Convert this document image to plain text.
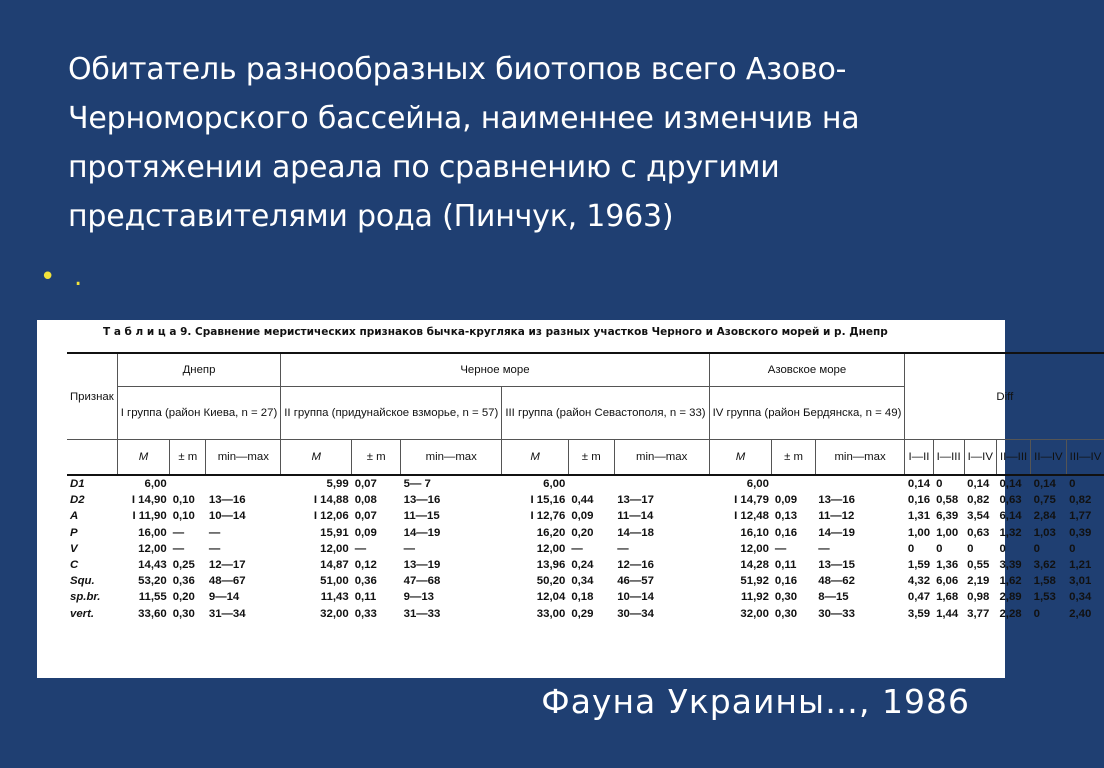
Обитатель разнообразных биотопов всего Азово-Черноморского бассейна, наименнее изменчив на протяжении ареала по сравнению с другими представителями рода (Пинчук, 1963)
• .
Т а б л и ц а 9. Сравнение меристических признаков бычка-кругляка из разных участков Черного и Азовского морей и р. Днепр
Признак	Днепр			Черное море						Азовское море			Diff					
	I группа (район Киева, n = 27)			II группа (придунайское взморье, n = 57)			III группа (район Севастополя, n = 33)			IV группа (район Бердянска, n = 49)								
	M	± m	min—max	M	± m	min—max	M	± m	min—max	M	± m	min—max	I—II	I—III	I—IV	II—III	II—IV	III—IV
D1	6,00			5,99	0,07	5— 7	6,00			6,00			0,14	0	0,14	0,14	0,14	0
D2	I 14,90	0,10	13—16	I 14,88	0,08	13—16	I 15,16	0,44	13—17	I 14,79	0,09	13—16	0,16	0,58	0,82	0,63	0,75	0,82
A	I 11,90	0,10	10—14	I 12,06	0,07	11—15	I 12,76	0,09	11—14	I 12,48	0,13	11—12	1,31	6,39	3,54	6,14	2,84	1,77
P	16,00	—	—	15,91	0,09	14—19	16,20	0,20	14—18	16,10	0,16	14—19	1,00	1,00	0,63	1,32	1,03	0,39
V	12,00	—	—	12,00	—	—	12,00	—	—	12,00	—	—	0	0	0	0	0	0
C	14,43	0,25	12—17	14,87	0,12	13—19	13,96	0,24	12—16	14,28	0,11	13—15	1,59	1,36	0,55	3,39	3,62	1,21
Squ.	53,20	0,36	48—67	51,00	0,36	47—68	50,20	0,34	46—57	51,92	0,16	48—62	4,32	6,06	2,19	1,62	1,58	3,01
sp.br.	11,55	0,20	9—14	11,43	0,11	9—13	12,04	0,18	10—14	11,92	0,30	8—15	0,47	1,68	0,98	2,89	1,53	0,34
vert.	33,60	0,30	31—34	32,00	0,33	31—33	33,00	0,29	30—34	32,00	0,30	30—33	3,59	1,44	3,77	2,28	0	2,40
Фауна Украины…, 1986
